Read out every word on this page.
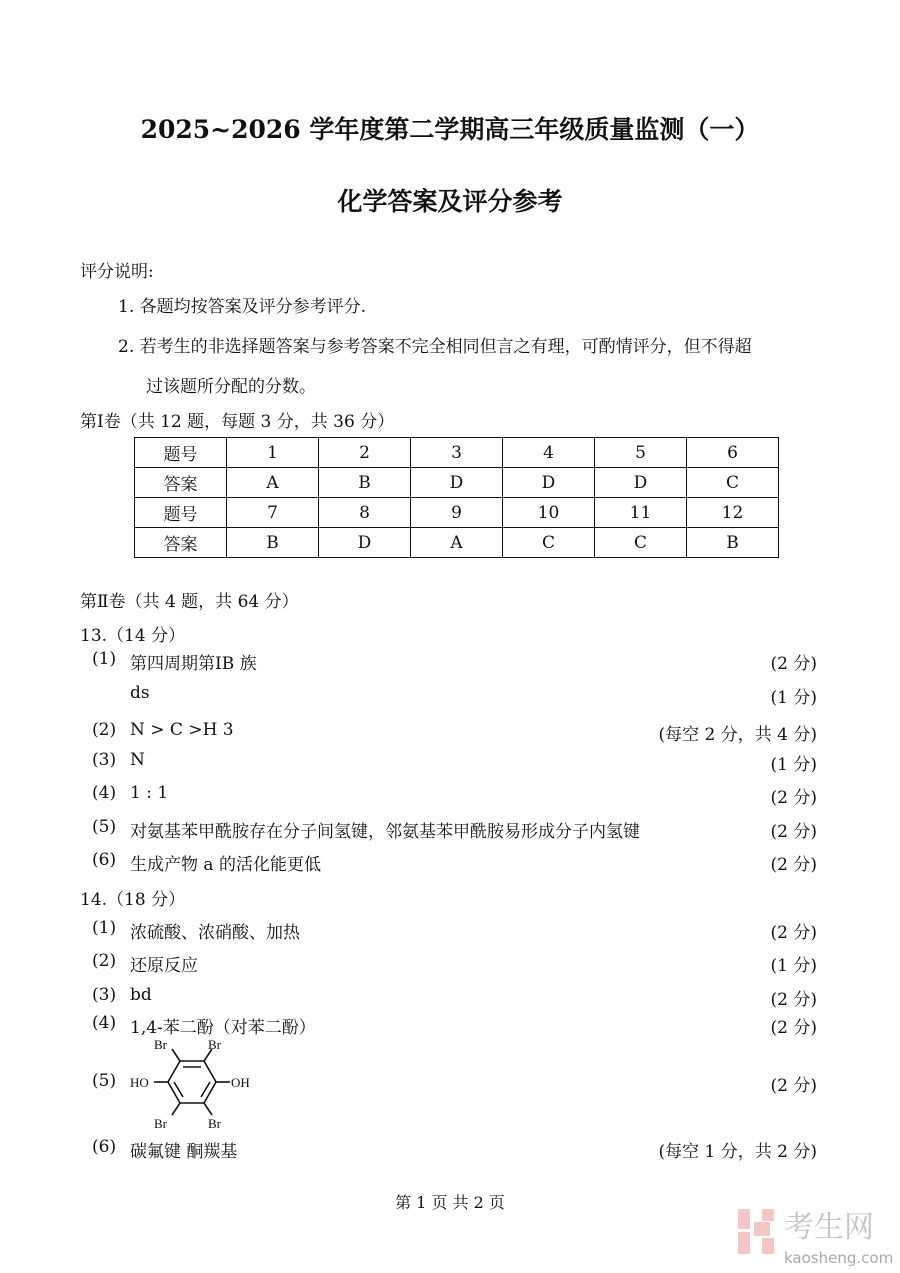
2025~2026 学年度第二学期高三年级质量监测（一）
化学答案及评分参考
评分说明:
1. 各题均按答案及评分参考评分.
2. 若考生的非选择题答案与参考答案不完全相同但言之有理，可酌情评分，但不得超
过该题所分配的分数。
第Ⅰ卷（共 12 题，每题 3 分，共 36 分）
题号	1	2	3	4	5	6
答案	A	B	D	D	D	C
题号	7	8	9	10	11	12
答案	B	D	A	C	C	B
第Ⅱ卷（共 4 题，共 64 分）
13.（14 分）
(1) 第四周期第ⅠB 族	(2 分)
ds	(1 分)
(2) N > C >H 3	(每空 2 分，共 4 分)
(3) N	(1 分)
(4) 1 : 1	(2 分)
(5) 对氨基苯甲酰胺存在分子间氢键，邻氨基苯甲酰胺易形成分子内氢键	(2 分)
(6) 生成产物 a 的活化能更低	(2 分)
14.（18 分）
(1) 浓硫酸、浓硝酸、加热	(2 分)
(2) 还原反应	(1 分)
(3) bd	(2 分)
(4) 1,4-苯二酚（对苯二酚）	(2 分)
(5)	(2 分)
(6) 碳氟键 酮羰基	(每空 1 分，共 2 分)
Br	Br
Br	Br
HO	OH
第 1 页 共 2 页
考生网
kaosheng.com
